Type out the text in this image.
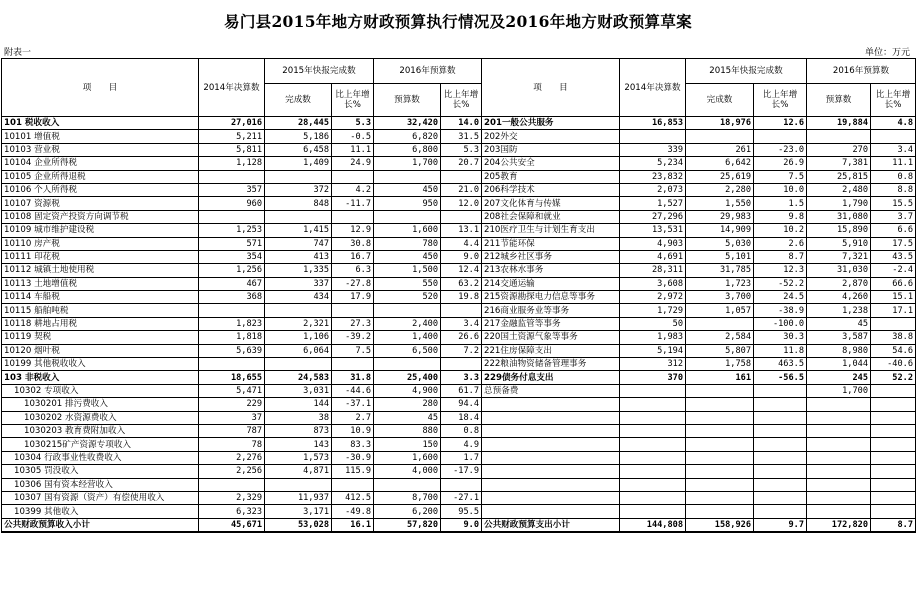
易门县2015年地方财政预算执行情况及2016年地方财政预算草案
附表一	单位：万元
项　　目	2014年决算数	2015年快报完成数		2016年预算数		项　　目	2014年决算数	2015年快报完成数		2016年预算数	
		完成数	比上年增长%	预算数	比上年增长%			完成数	比上年增长%	预算数	比上年增长%
101 税收收入	27,016	28,445	5.3	32,420	14.0	201一般公共服务	16,853	18,976	12.6	19,884	4.8
10101 增值税	5,211	5,186	-0.5	6,820	31.5	202外交					
10103 营业税	5,811	6,458	11.1	6,800	5.3	203国防	339	261	-23.0	270	3.4
10104 企业所得税	1,128	1,409	24.9	1,700	20.7	204公共安全	5,234	6,642	26.9	7,381	11.1
10105 企业所得退税						205教育	23,832	25,619	7.5	25,815	0.8
10106 个人所得税	357	372	4.2	450	21.0	206科学技术	2,073	2,280	10.0	2,480	8.8
10107 资源税	960	848	-11.7	950	12.0	207文化体育与传媒	1,527	1,550	1.5	1,790	15.5
10108 固定资产投资方向调节税						208社会保障和就业	27,296	29,983	9.8	31,080	3.7
10109 城市维护建设税	1,253	1,415	12.9	1,600	13.1	210医疗卫生与计划生育支出	13,531	14,909	10.2	15,890	6.6
10110 房产税	571	747	30.8	780	4.4	211节能环保	4,903	5,030	2.6	5,910	17.5
10111 印花税	354	413	16.7	450	9.0	212城乡社区事务	4,691	5,101	8.7	7,321	43.5
10112 城镇土地使用税	1,256	1,335	6.3	1,500	12.4	213农林水事务	28,311	31,785	12.3	31,030	-2.4
10113 土地增值税	467	337	-27.8	550	63.2	214交通运输	3,608	1,723	-52.2	2,870	66.6
10114 车船税	368	434	17.9	520	19.8	215资源勘探电力信息等事务	2,972	3,700	24.5	4,260	15.1
10115 船舶吨税						216商业服务业等事务	1,729	1,057	-38.9	1,238	17.1
10118 耕地占用税	1,823	2,321	27.3	2,400	3.4	217金融监管等事务	50		-100.0	45	
10119 契税	1,818	1,106	-39.2	1,400	26.6	220国土资源气象等事务	1,983	2,584	30.3	3,587	38.8
10120 烟叶税	5,639	6,064	7.5	6,500	7.2	221住房保障支出	5,194	5,807	11.8	8,980	54.6
10199 其他税收收入						222粮油物资储备管理事务	312	1,758	463.5	1,044	-40.6
103 非税收入	18,655	24,583	31.8	25,400	3.3	229债务付息支出	370	161	-56.5	245	52.2
10302 专项收入	5,471	3,031	-44.6	4,900	61.7	总预备费				1,700	
1030201 排污费收入	229	144	-37.1	280	94.4						
1030202 水资源费收入	37	38	2.7	45	18.4						
1030203 教育费附加收入	787	873	10.9	880	0.8						
1030215矿产资源专项收入	78	143	83.3	150	4.9						
10304 行政事业性收费收入	2,276	1,573	-30.9	1,600	1.7						
10305 罚没收入	2,256	4,871	115.9	4,000	-17.9						
10306 国有资本经营收入											
10307 国有资源（资产）有偿使用收入	2,329	11,937	412.5	8,700	-27.1						
10399 其他收入	6,323	3,171	-49.8	6,200	95.5						
公共财政预算收入小计	45,671	53,028	16.1	57,820	9.0	公共财政预算支出小计	144,808	158,926	9.7	172,820	8.7
